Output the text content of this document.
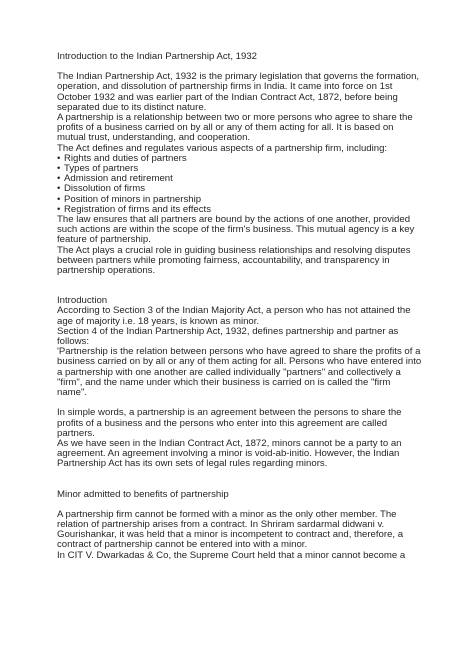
Introduction to the Indian Partnership Act, 1932

The Indian Partnership Act, 1932 is the primary legislation that governs the formation, operation, and dissolution of partnership firms in India. It came into force on 1st October 1932 and was earlier part of the Indian Contract Act, 1872, before being separated due to its distinct nature.

A partnership is a relationship between two or more persons who agree to share the profits of a business carried on by all or any of them acting for all. It is based on mutual trust, understanding, and cooperation.

The Act defines and regulates various aspects of a partnership firm, including:

• Rights and duties of partners
• Types of partners
• Admission and retirement
• Dissolution of firms
• Position of minors in partnership
• Registration of firms and its effects

The law ensures that all partners are bound by the actions of one another, provided such actions are within the scope of the firm's business. This mutual agency is a key feature of partnership.

The Act plays a crucial role in guiding business relationships and resolving disputes between partners while promoting fairness, accountability, and transparency in partnership operations.

Introduction

According to Section 3 of the Indian Majority Act, a person who has not attained the age of majority i.e. 18 years, is known as minor.

Section 4 of the Indian Partnership Act, 1932, defines partnership and partner as follows:

'Partnership is the relation between persons who have agreed to share the profits of a business carried on by all or any of them acting for all. Persons who have entered into a partnership with one another are called individually "partners" and collectively a "firm", and the name under which their business is carried on is called the "firm name".

In simple words, a partnership is an agreement between the persons to share the profits of a business and the persons who enter into this agreement are called partners.

As we have seen in the Indian Contract Act, 1872, minors cannot be a party to an agreement. An agreement involving a minor is void-ab-initio. However, the Indian Partnership Act has its own sets of legal rules regarding minors.

Minor admitted to benefits of partnership

A partnership firm cannot be formed with a minor as the only other member. The relation of partnership arises from a contract. In Shriram sardarmal didwani v. Gourishankar, it was held that a minor is incompetent to contract and, therefore, a contract of partnership cannot be entered into with a minor.

In CIT V. Dwarkadas & Co, the Supreme Court held that a minor cannot become a
